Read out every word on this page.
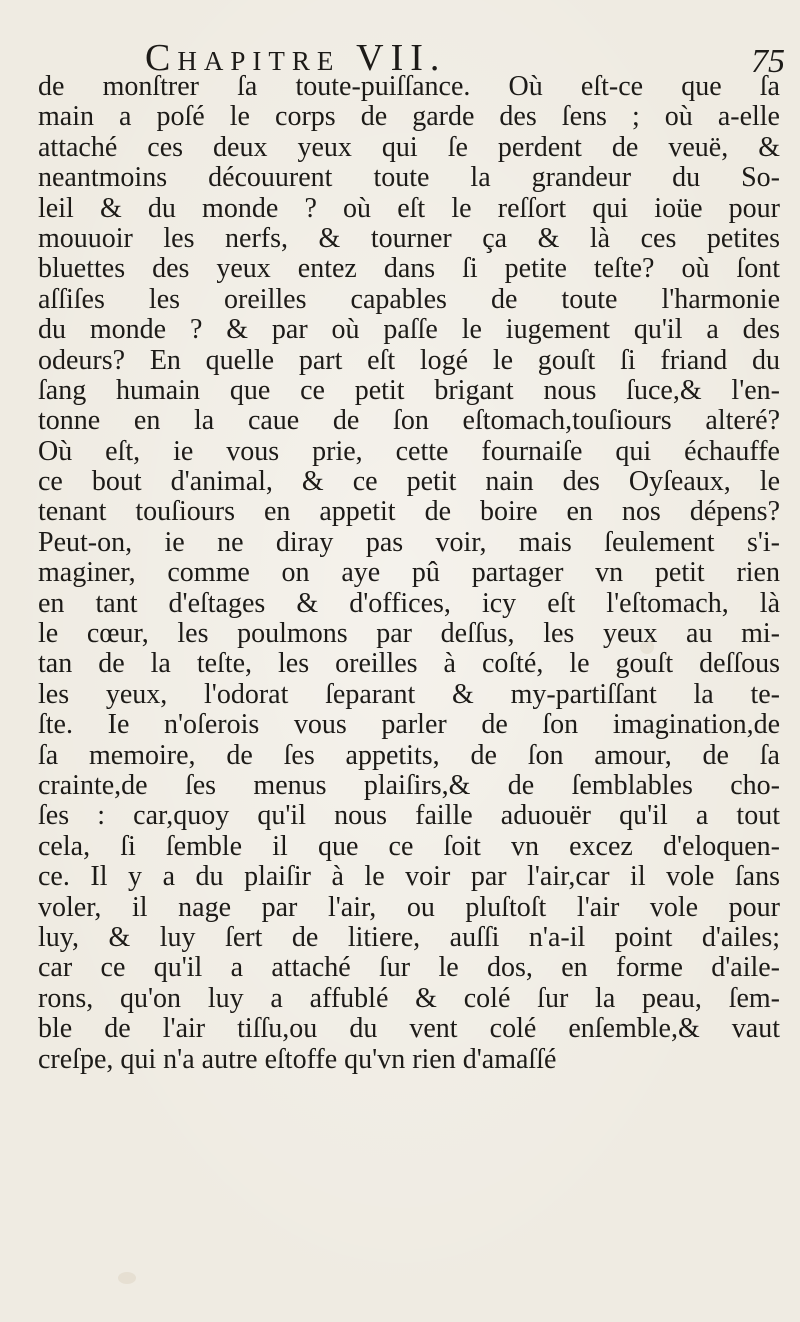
Chapitre VII.	75
de monſtrer ſa toute-puiſſance. Où eſt-ce que ſa
main a poſé le corps de garde des ſens ; où a-elle
attaché ces deux yeux qui ſe perdent de veuë, &
neantmoins découurent toute la grandeur du So-
leil & du monde ? où eſt le reſſort qui ioüe pour
mouuoir les nerfs, & tourner ça & là ces petites
bluettes des yeux entez dans ſi petite teſte? où ſont
aſſiſes les oreilles capables de toute l'harmonie
du monde ? & par où paſſe le iugement qu'il a des
odeurs? En quelle part eſt logé le gouſt ſi friand du
ſang humain que ce petit brigant nous ſuce,& l'en-
tonne en la caue de ſon eſtomach,touſiours alteré?
Où eſt, ie vous prie, cette fournaiſe qui échauffe
ce bout d'animal, & ce petit nain des Oyſeaux, le
tenant touſiours en appetit de boire en nos dépens?
Peut-on, ie ne diray pas voir, mais ſeulement s'i-
maginer, comme on aye pû partager vn petit rien
en tant d'eſtages & d'offices, icy eſt l'eſtomach, là
le cœur, les poulmons par deſſus, les yeux au mi-
tan de la teſte, les oreilles à coſté, le gouſt deſſous
les yeux, l'odorat ſeparant & my-partiſſant la te-
ſte. Ie n'oſerois vous parler de ſon imagination,de
ſa memoire, de ſes appetits, de ſon amour, de ſa
crainte,de ſes menus plaiſirs,& de ſemblables cho-
ſes : car,quoy qu'il nous faille aduouër qu'il a tout
cela, ſi ſemble il que ce ſoit vn excez d'eloquen-
ce. Il y a du plaiſir à le voir par l'air,car il vole ſans
voler, il nage par l'air, ou pluſtoſt l'air vole pour
luy, & luy ſert de litiere, auſſi n'a-il point d'ailes;
car ce qu'il a attaché ſur le dos, en forme d'aile-
rons, qu'on luy a affublé & colé ſur la peau, ſem-
ble de l'air tiſſu,ou du vent colé enſemble,& vaut
creſpe, qui n'a autre eſtoffe qu'vn rien d'amaſſé
